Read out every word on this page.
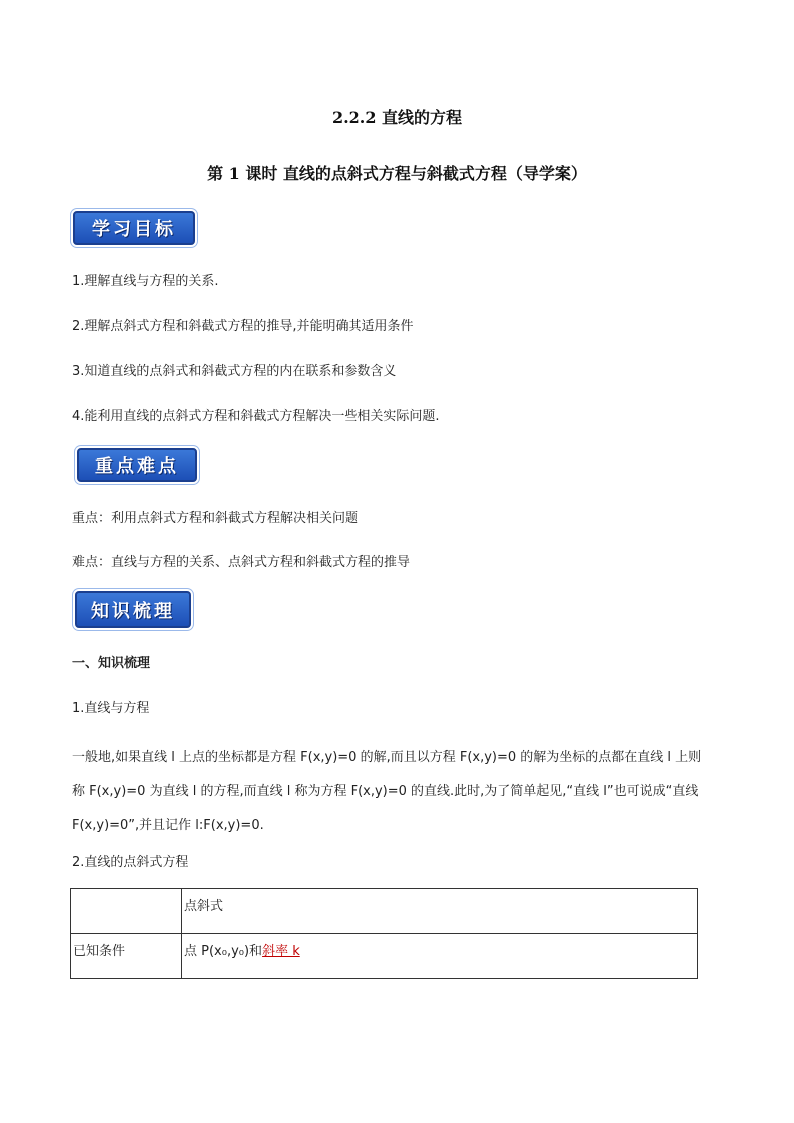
2.2.2 直线的方程
第 1 课时 直线的点斜式方程与斜截式方程（导学案）
学习目标
1.理解直线与方程的关系.
2.理解点斜式方程和斜截式方程的推导,并能明确其适用条件
3.知道直线的点斜式和斜截式方程的内在联系和参数含义
4.能利用直线的点斜式方程和斜截式方程解决一些相关实际问题.
重点难点
重点：利用点斜式方程和斜截式方程解决相关问题
难点：直线与方程的关系、点斜式方程和斜截式方程的推导
知识梳理
一、知识梳理
1.直线与方程
一般地,如果直线 l 上点的坐标都是方程 F(x,y)=0 的解,而且以方程 F(x,y)=0 的解为坐标的点都在直线 l 上则
称 F(x,y)=0 为直线 l 的方程,而直线 l 称为方程 F(x,y)=0 的直线.此时,为了简单起见,“直线 l”也可说成“直线
F(x,y)=0”,并且记作 l:F(x,y)=0.
2.直线的点斜式方程
	点斜式
已知条件	点 P(x₀,y₀)和斜率 k
